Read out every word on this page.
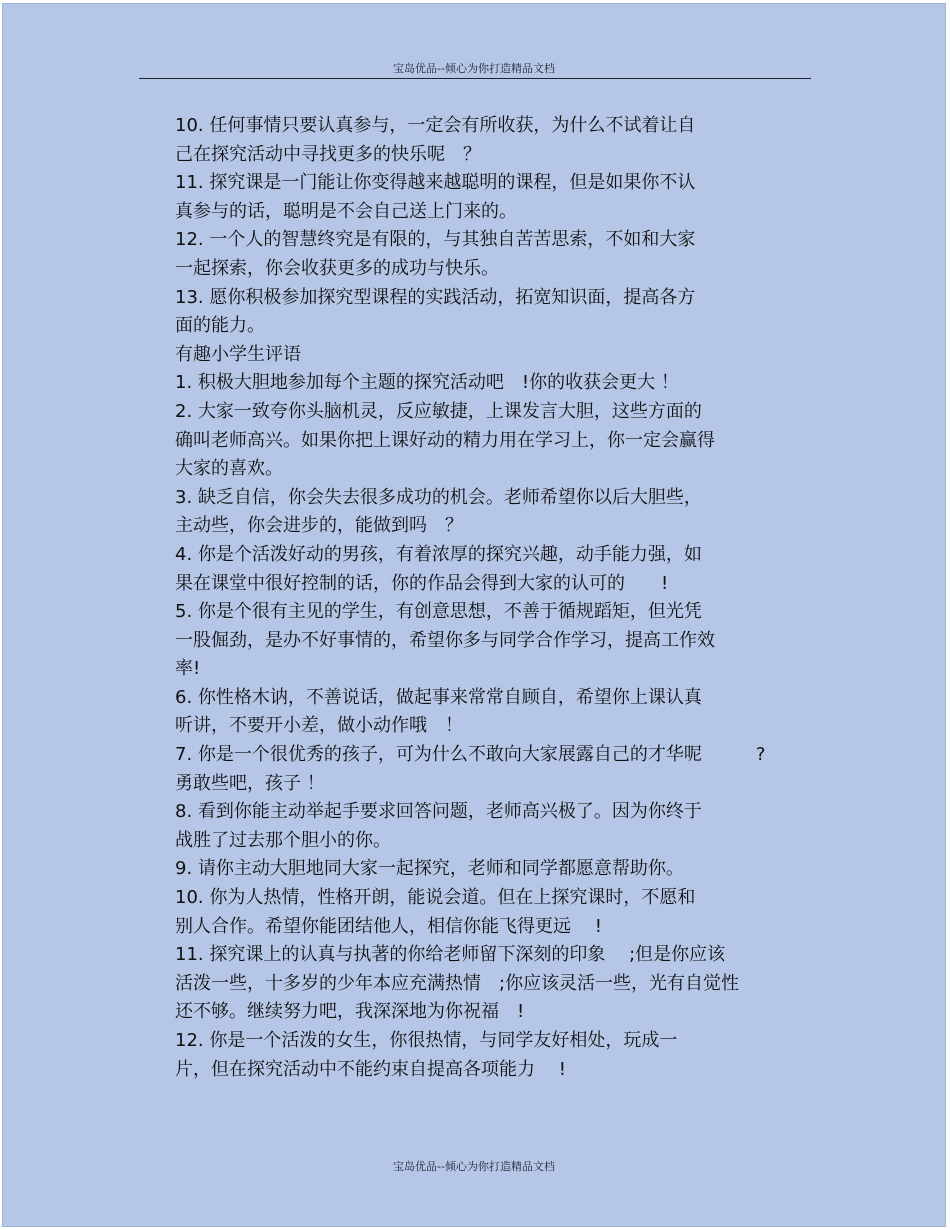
宝岛优品--倾心为你打造精品文档

10. 任何事情只要认真参与，一定会有所收获，为什么不试着让自
己在探究活动中寻找更多的快乐呢　？

11. 探究课是一门能让你变得越来越聪明的课程，但是如果你不认
真参与的话，聪明是不会自己送上门来的。

12. 一个人的智慧终究是有限的，与其独自苦苦思索，不如和大家
一起探索，你会收获更多的成功与快乐。

13. 愿你积极参加探究型课程的实践活动，拓宽知识面，提高各方
面的能力。

有趣小学生评语

1. 积极大胆地参加每个主题的探究活动吧　!你的收获会更大 ！

2. 大家一致夸你头脑机灵，反应敏捷，上课发言大胆，这些方面的
确叫老师高兴。如果你把上课好动的精力用在学习上，你一定会赢得
大家的喜欢。

3. 缺乏自信，你会失去很多成功的机会。老师希望你以后大胆些，
主动些，你会进步的，能做到吗　？

4. 你是个活泼好动的男孩，有着浓厚的探究兴趣，动手能力强，如
果在课堂中很好控制的话，你的作品会得到大家的认可的　　!

5. 你是个很有主见的学生，有创意思想，不善于循规蹈矩，但光凭
一股倔劲，是办不好事情的，希望你多与同学合作学习，提高工作效
率!

6. 你性格木讷，不善说话，做起事来常常自顾自，希望你上课认真
听讲，不要开小差，做小动作哦　！

7. 你是一个很优秀的孩子，可为什么不敢向大家展露自己的才华呢　　　?
勇敢些吧，孩子 ！

8. 看到你能主动举起手要求回答问题，老师高兴极了。因为你终于
战胜了过去那个胆小的你。

9. 请你主动大胆地同大家一起探究，老师和同学都愿意帮助你。

10. 你为人热情，性格开朗，能说会道。但在上探究课时，不愿和
别人合作。希望你能团结他人，相信你能飞得更远　 !

11. 探究课上的认真与执著的你给老师留下深刻的印象　 ;但是你应该
活泼一些，十多岁的少年本应充满热情　;你应该灵活一些，光有自觉性
还不够。继续努力吧，我深深地为你祝福　!

12. 你是一个活泼的女生，你很热情，与同学友好相处，玩成一
片，但在探究活动中不能约束自提高各项能力　 !

宝岛优品--倾心为你打造精品文档
